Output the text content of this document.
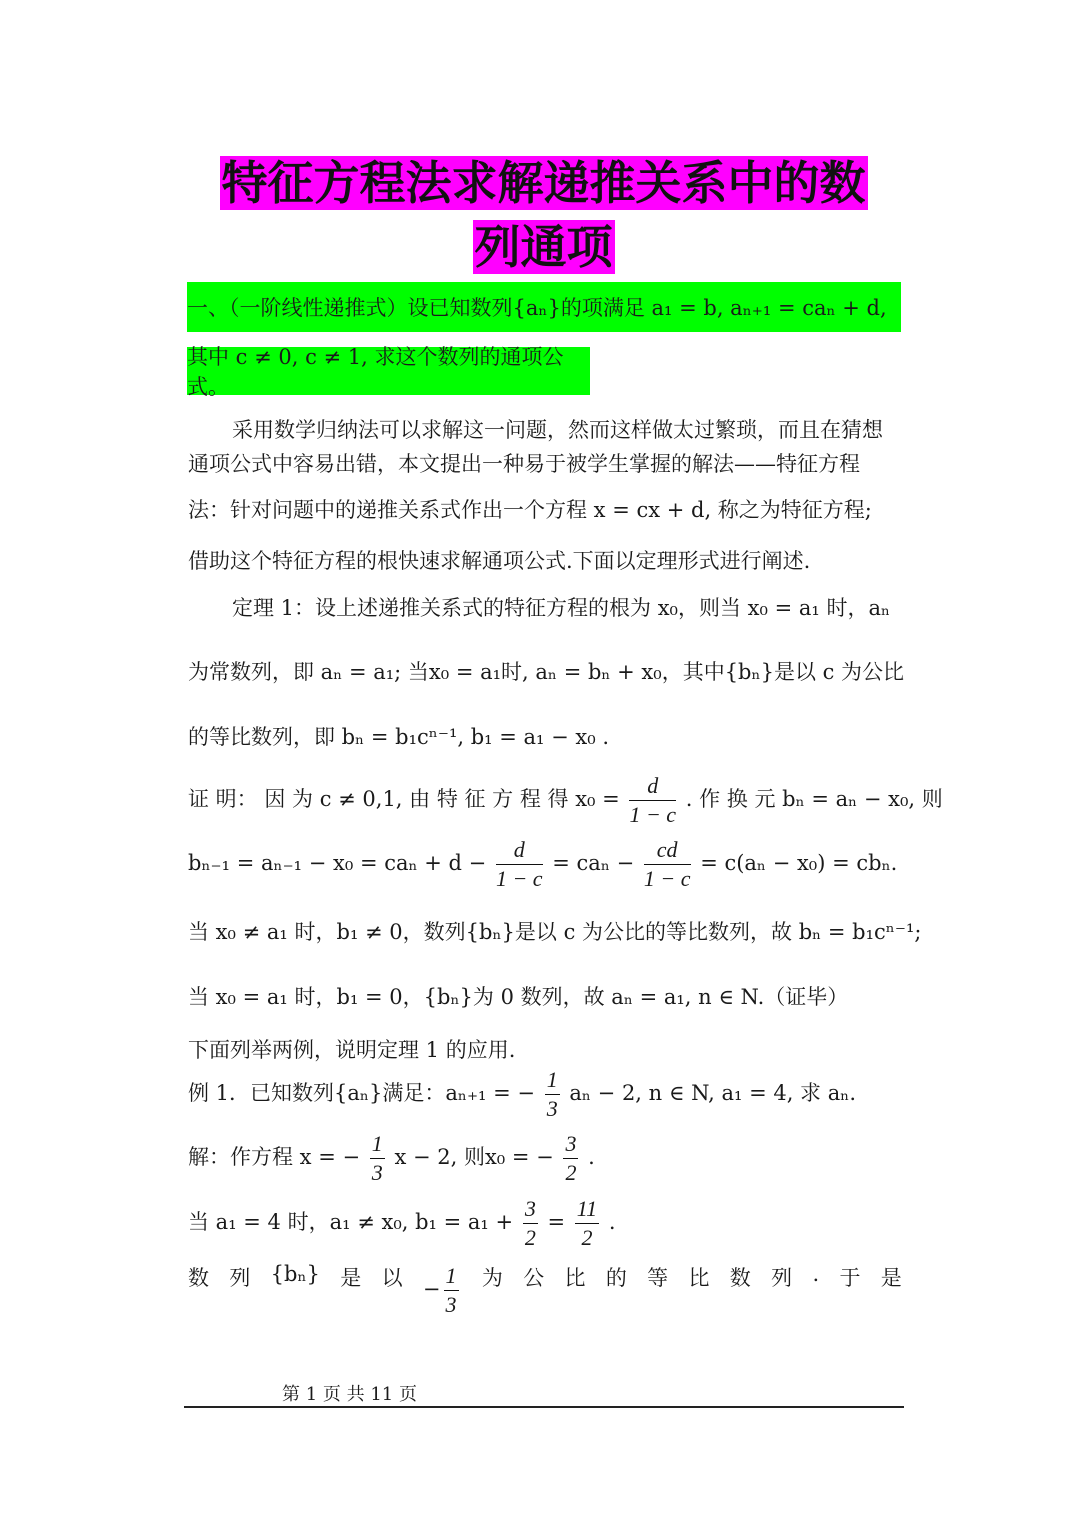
特征方程法求解递推关系中的数
列通项
一、（一阶线性递推式）设已知数列{aₙ}的项满足 a₁ = b, aₙ₊₁ = caₙ + d,
其中 c ≠ 0, c ≠ 1, 求这个数列的通项公式。
采用数学归纳法可以求解这一问题，然而这样做太过繁琐，而且在猜想
通项公式中容易出错，本文提出一种易于被学生掌握的解法——特征方程
法：针对问题中的递推关系式作出一个方程 x = cx + d, 称之为特征方程;
借助这个特征方程的根快速求解通项公式.下面以定理形式进行阐述.
定理 1：设上述递推关系式的特征方程的根为 x₀，则当 x₀ = a₁ 时，aₙ
为常数列，即 aₙ = a₁; 当x₀ = a₁时, aₙ = bₙ + x₀，其中{bₙ}是以 c 为公比
的等比数列，即 bₙ = b₁cⁿ⁻¹, b₁ = a₁ − x₀ .
证 明： 因 为 c ≠ 0,1, 由 特 征 方 程 得 $x_0 = \frac{d}{1 - c}$ . 作 换 元 bₙ = aₙ − x₀, 则
$b_{n-1} = a_{n-1} - x_0 = ca_n + d - \frac{d}{1 - c} = ca_n - \frac{cd}{1 - c} = c(a_n - x_0) = cb_n$.
当 x₀ ≠ a₁ 时，b₁ ≠ 0，数列{bₙ}是以 c 为公比的等比数列，故 bₙ = b₁cⁿ⁻¹;
当 x₀ = a₁ 时，b₁ = 0，{bₙ}为 0 数列，故 aₙ = a₁, n ∈ N.（证毕）
下面列举两例，说明定理 1 的应用.
例 1．已知数列{aₙ}满足：aₙ₊₁ = − $\frac{1}{3}$ aₙ − 2, n ∈ N, a₁ = 4, 求 aₙ.
解：作方程 x = − $\frac{1}{3}$ x − 2, 则x₀ = − $\frac{3}{2}$ .
当 a₁ = 4 时，a₁ ≠ x₀, $b_1 = a_1 + \frac{3}{2} = \frac{11}{2}$ .
数 列 {bₙ} 是 以 − $\frac{1}{3}$ 为 公 比 的 等 比 数 列 . 于 是
第 1 页 共 11 页
